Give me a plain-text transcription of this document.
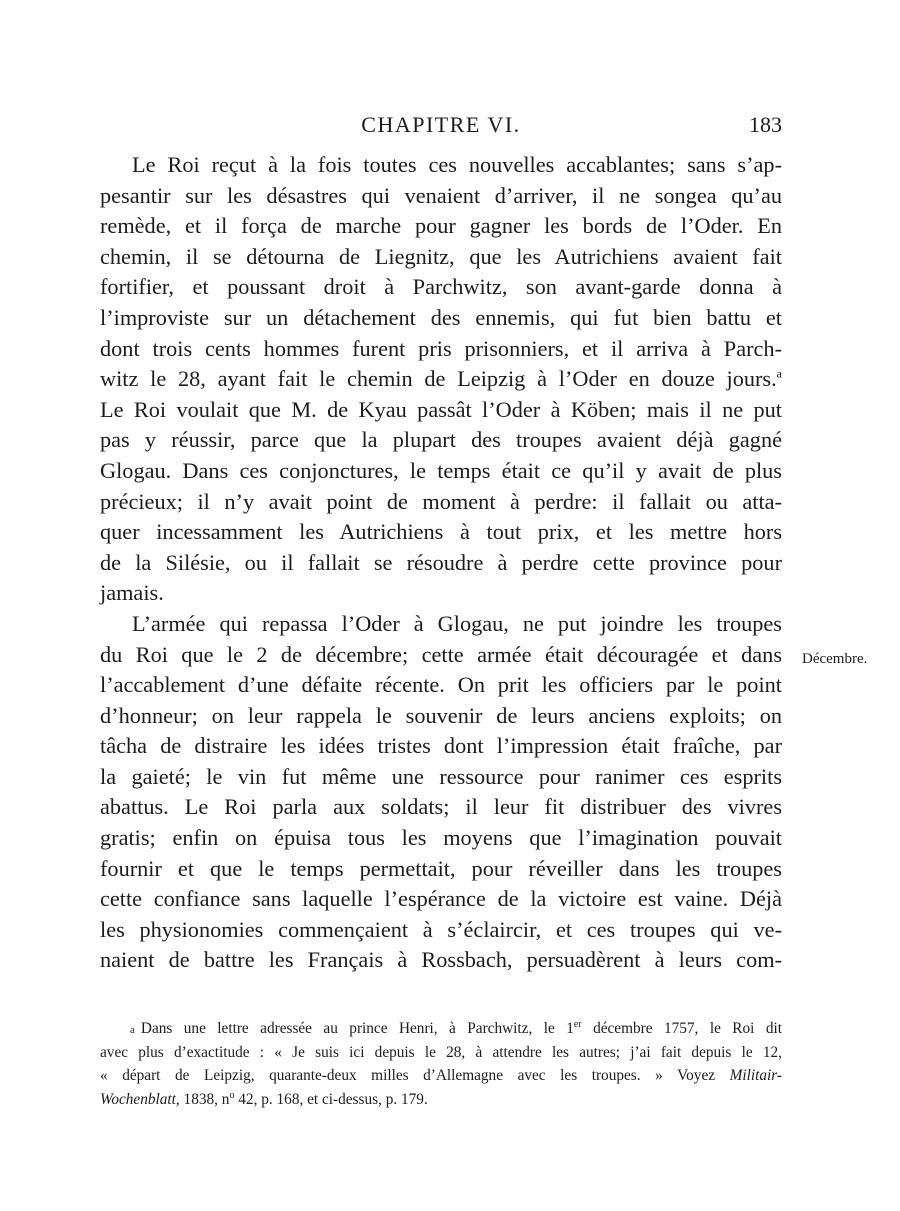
CHAPITRE VI.	183
Le Roi reçut à la fois toutes ces nouvelles accablantes; sans s’ap-
pesantir sur les désastres qui venaient d’arriver, il ne songea qu’au
remède, et il força de marche pour gagner les bords de l’Oder. En
chemin, il se détourna de Liegnitz, que les Autrichiens avaient fait
fortifier, et poussant droit à Parchwitz, son avant-garde donna à
l’improviste sur un détachement des ennemis, qui fut bien battu et
dont trois cents hommes furent pris prisonniers, et il arriva à Parch-
witz le 28, ayant fait le chemin de Leipzig à l’Oder en douze jours.$^a$
Le Roi voulait que M. de Kyau passât l’Oder à Köben; mais il ne put
pas y réussir, parce que la plupart des troupes avaient déjà gagné
Glogau. Dans ces conjonctures, le temps était ce qu’il y avait de plus
précieux; il n’y avait point de moment à perdre: il fallait ou atta-
quer incessamment les Autrichiens à tout prix, et les mettre hors
de la Silésie, ou il fallait se résoudre à perdre cette province pour
jamais.
L’armée qui repassa l’Oder à Glogau, ne put joindre les troupes
du Roi que le 2 de décembre; cette armée était découragée et dans
l’accablement d’une défaite récente. On prit les officiers par le point
d’honneur; on leur rappela le souvenir de leurs anciens exploits; on
tâcha de distraire les idées tristes dont l’impression était fraîche, par
la gaieté; le vin fut même une ressource pour ranimer ces esprits
abattus. Le Roi parla aux soldats; il leur fit distribuer des vivres
gratis; enfin on épuisa tous les moyens que l’imagination pouvait
fournir et que le temps permettait, pour réveiller dans les troupes
cette confiance sans laquelle l’espérance de la victoire est vaine. Déjà
les physionomies commençaient à s’éclaircir, et ces troupes qui ve-
naient de battre les Français à Rossbach, persuadèrent à leurs com-
Décembre.
a Dans une lettre adressée au prince Henri, à Parchwitz, le 1er décembre 1757, le Roi dit
avec plus d’exactitude : « Je suis ici depuis le 28, à attendre les autres; j’ai fait depuis le 12,
« départ de Leipzig, quarante-deux milles d’Allemagne avec les troupes. » Voyez Militair-
Wochenblatt, 1838, $n^o$ 42, p. 168, et ci-dessus, p. 179.
